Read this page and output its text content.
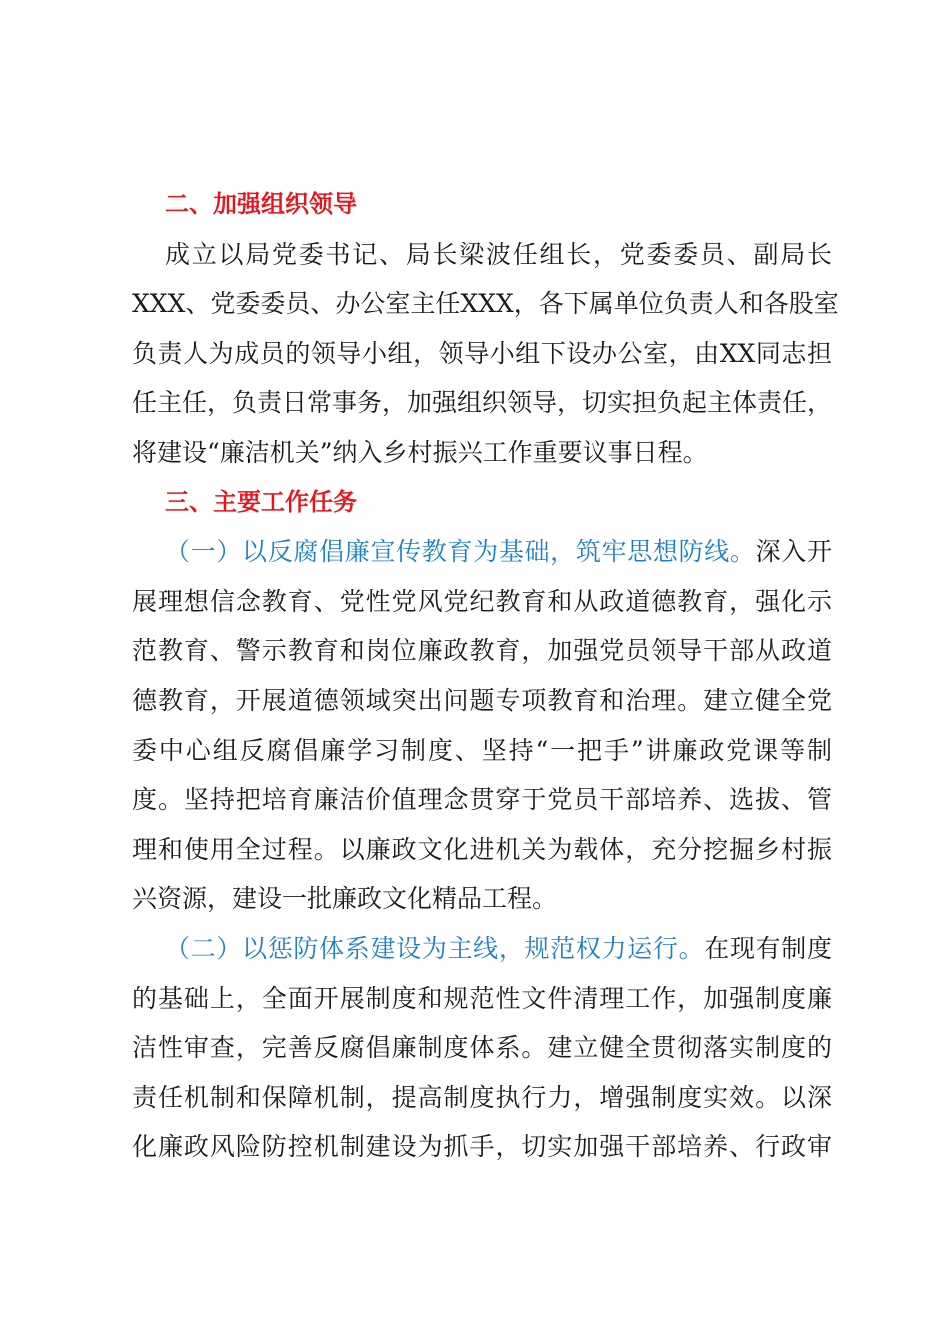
二、加强组织领导
成立以局党委书记、局长梁波任组长，党委委员、副局长
XXX、党委委员、办公室主任XXX，各下属单位负责人和各股室
负责人为成员的领导小组，领导小组下设办公室，由XX同志担
任主任，负责日常事务，加强组织领导，切实担负起主体责任，
将建设“廉洁机关”纳入乡村振兴工作重要议事日程。
三、主要工作任务
（一）以反腐倡廉宣传教育为基础，筑牢思想防线。深入开
展理想信念教育、党性党风党纪教育和从政道德教育，强化示
范教育、警示教育和岗位廉政教育，加强党员领导干部从政道
德教育，开展道德领域突出问题专项教育和治理。建立健全党
委中心组反腐倡廉学习制度、坚持“一把手”讲廉政党课等制
度。坚持把培育廉洁价值理念贯穿于党员干部培养、选拔、管
理和使用全过程。以廉政文化进机关为载体，充分挖掘乡村振
兴资源，建设一批廉政文化精品工程。
（二）以惩防体系建设为主线，规范权力运行。在现有制度
的基础上，全面开展制度和规范性文件清理工作，加强制度廉
洁性审查，完善反腐倡廉制度体系。建立健全贯彻落实制度的
责任机制和保障机制，提高制度执行力，增强制度实效。以深
化廉政风险防控机制建设为抓手，切实加强干部培养、行政审
